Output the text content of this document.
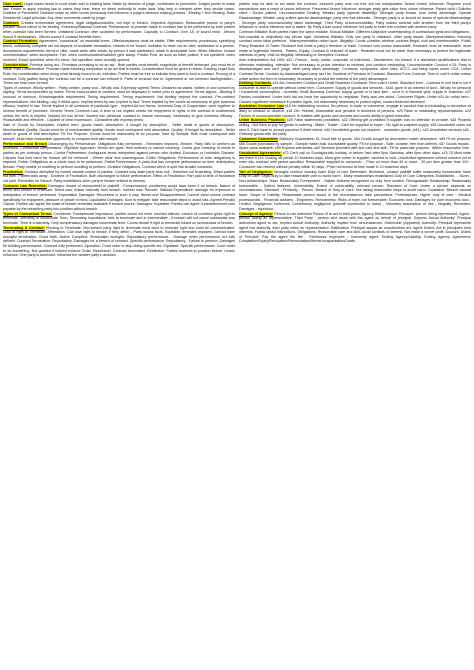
Case Law1: Legal cases heard in court which add to existing laws. Made by decision of judge, contributes to precedent. Judges power to make law: Power to apply existing law to cases they hear. Have no direct authority to make laws. May help in interpret when they decide cases. Doctrine of Precedent: Decision made by other courts previously that influence a judge's decision making process - Binding + Non Binding. Ratio Decedendi: Legal principle: Any other comments made by judge.

Contract: Creates enforceable agreement, legal obligations/duties, not kept in breach. Objective Approach: Reasonable person in party's position would intend to be binding. Executory/Bilateral Contract: Performance of promise made in contract has to be performed by both parties when contract has been formed. Unilateral Contract: offer accepted by performance. Capacity to Contract: Over 18, of sound mind - Minors bound if necessaries - Minors bound if contract benefits them.

Contract Formation: Agreement: "consensus" on essential terms. Offer/acceptance must be stable. Offer requirements: promissory, specifying terms, sufficiently complete set out aspects of workable transaction, intends to be bound. Invitation to treat: not an offer, addressed to a person. Acceptance requirements: terms in offer, made while offer exists, by person it was addressed, made in acceptable form. When effective: Instant communication: when acceptance. Fax: when communicated/machine gets stamp. Postal: Post, as soon as letter posted, if not specified: when received. Email: specified: when it's inbox. Not specified: when actually opened.

Consideration: Promise doing act - Promisee promising to do an act - Both parties must benefit, magnitude of benefit irrelevant, just must be of value. Past Consideration: Promise made following completion of an act that is invalid. Consideration must be given in return. Existing Legal Duty Rule: No consideration when doing what already bound to do. Intention: Parties must be free to indicate they want to form a contract. Proving of a contract: Only parties doing the contract can be a contract can enforce it. Parts of contract due to: Agreement or via common law/legislation - Terms are final once formed.

Types of contract: Wholly written - Partly written, partly oral - Wholly oral. Expressly agreed Terms: Declared as stated, written or oral consent by signing. Terms incorporated by notice: Terms incorporated to contract, must be displayed in notice prior to agreement. Terms signed - Binding if unusual or onerous. Knowledgeable requirement Timing requirement. Timing requirement: Not binding beyond the contract. Pre-contract representations: Not binding, only if relied upon. Implied terms by law. Implied in fact: Terms implied by the courts as necessary to give business efficacy. Implied in law: Terms implied in all contracts of particular type - Implied Ad hoc terms. Universal Duty of Cooperation: work together to receive benefit of promises. Generic Terms Common Law: A term is not implied unless the enjoyment of rights in the contract is undermined unless the term is implied. Implied Ad hoc terms: Implied into particular contract to ensure necessary. Necessary to give business efficacy - Reasonable and effective - Capable of clear expression - Consistent with express terms.

Sale of Goods by Description: Implied term, goods match description. If bought by description - Seller deals in goods of description. Merchantable Quality: Goods must be of merchantable quality. Goods must correspond with description. Quality: If bought by description - Seller deals in goods of that description. Fit For Purpose: Goods must be reasonably fit for purpose. Sale by Sample: Bulk must correspond with sample. Must have reasonable opportunity to compare bulk with sample.

Performance and Breach Discharging by Performance: Obligations fully performed - Remedies imposed. Breach: Party fails to perform as promised. Contractual Interpretation: Objective Approach: Words are given their ordinary or natural meaning. Courts give meaning of words to parties as per ordinary person. Contra Proferentem: Ambiguous terms interpreted against person who drafted. Exclusion or Limitation Clauses: Clauses that limit harm for breach will be enforced - Where clear and unambiguous. Entire Obligations: Performance of total obligations is required. Entire: Obligations as a whole have to be performed. Partial Performance: A party that has complete performance on time. Anticipatory Breach: Party unable or unwilling to perform unwilling to perform. Divisible Obligations: Contract which is split into smaller contracts.

Frustration: Contract disrupted by events outside control of parties: Contract may state party bear risk - therefore not frustrating. When parties not both. Parties walk away - Doctrine of Frustration. Both discharged to future performance. Effect of Frustration: Part paid at time of frustration not paid. Remedies for Breach: Party establishes other party in breach entitled to remedy.

Common Law Remedies: Damages: Award of money/relief to plaintiff - Compensatory: positioning would have been if no breach. Nature of terms and breach is irrelevant. Direct loss: Arises naturally from breach. Indirect loss: Remote. Wasted Expenditure: damage for expenses in anticipation of breach performed. Expectation Damages: Recovered in such a way. Stress and Disappointment: Cannot claim unless contract specifically for enjoyment, pleasure or peace of mind. Liquidated Damages: Sum to mitigate: take reasonable steps to avoid loss. Agreed Penalty Clause: Parties can agree the scale of breach remedies available if breach occurs. Damages: Equitable: Parties can agree a predetermined sum payable by the breaching party into position without breach.

Types of Contractual Terms: Conditions: Fundamental importance, parties would not enter contract without, breach of condition gives right to terminate. Warranty or innominate Term: Secondary importance, fails to terminate and in intermediate - If breach will not cause substantial loss terminate. Term is a warranty. Only compensatory damages innominate term: Courts decide if right to terminate based on seriousness of breach.

Terminating A Contract: Electing to Terminate: Non-breach party right to terminate must elect to exercise right and must be communicated. Loss of right to Terminate: Affirmation. Can lose right to breach if they affirm - Party knows facts. Equitable remedies imposed: Cannot have wrongful termination. Good faith. Notice Complied: Termination wrongful: Repudiatory performance - Damage when performance not fully defined. Contract Termination: Repudiatory: Damages for a breach of contract. Specific performance. Repudiatory - Failure to perform. Damages for fulfilling performance. Contract fully performed. Injunction: Court order to stop doing specific act. Equitable. Specific performance: Court order to do something. Not granted if indirect enforce Order. Rescission: Contract terminated. Restitution: Parties restored to position before. Undue Influence: One party is dominant, influence the weaker party's decision.

parties may be able to set aside the contract. Innocent party acts not free will but manipulated. Actual Undue Influence: Requires proof transactions was a result of undue influence. Presumed Undue Influence: stronger party gets value from undue influence. Parent child / Solicitor client / Doctor patient. Unconscionable Dealing: Weaker party (special disability): Stronger party knows, took unfair advantage. Special Disadvantage: Weaker party suffers special disadvantage, party one that interests - Stronger party is or should be aware of special disadvantage - Stronger party unconscionably takes advantage. Third Party Unconscionability: Party makes contract with another from the third party's influence or undue influence and is aware. By Party A has undue influence 3rd party to enter into contract with another party.

Common Mistake: Both parties make the same mistake. Mutual Mistake: Different subjective understanding of contractual rights and obligations - Not possible to objectively say whose right. Unilateral Mistake: Only one party is mistaken, other party aware. Misrepresentation: Inducing contract under false pretence - Misrepresentation relied upon. Illegality: Courts consider whether contract illegal, void and unenforceable. Public Policy Restraint of Trade: Restraint that limits a party's freedom of trade. Contract void unless reasonable. Restraint must be reasonable, must relate to legitimate interest - Parties. Equity: Contract in restraint of trade - Restraint must not be wider than necessary to protect the legitimate interests of party. Void for illegality. Misleading or Deceptive Conduct.

Acts Interpretation Act 1901 s2C: Person - body, politic, corporate or individual - Disclaimers: No breach if a disclaimer qualifications that is otherwise misleading. Intention: Not necessary to prove intention to mislead, just conduct misleading. Unconscionable Conduct s.20: Party is disadvantaged and can't judge, other party takes advantage, Contracts, companies, other sites. ACCC can bring cases under CCA. Unfair Contract Terms: Contract by disadvantaged party can't be. Doctrine of Freedom of Contract. Standard Form Contract: Term is void if unfair unless unfair and/or the term is reasonably necessary to protect the interest of the party advantaged.

Defining Contracts s23 Act Consumer Contract and Small Business Contracts: Term void if Unfair, Standard form - Contract in one that is not if consumer is able to operate without unfair term. Consumer: Supply of goods and services - Sold, gave of an interest of land - Wholly for personal / household consumption - domestic Small Business Contract: supply goods or in land item - once in a financial year, supply in business. s27 Factors considered: Under both did not have the opportunity to negotiate. Party was one-sided. Consumer Rights: Under s24 An unfair term - Causes significant imbalance in parties' rights, not reasonably necessary to protect rights, causes financial detriment.

Australian Consumer Law s18 No misleading conduct: No person, in trade or commerce, engage in conduct that is misleading or deceptive or likely to mislead or deceive. s18 Cth: Honest, reasonable and genuine in business of persons. s29 False or misleading representations. s22 Factors of unconscionable conduct: In matters with goods and services and courts ability to grant remedies.

Unfair Business Practices: s29 False statements prohibited. s32 Offering gift prohibited if supplier has no intention to provide. s33 Pyramid selling - Not have to pay for goods in ordering - Make - Trader - Can't be supplied to buyer - No right to suspend supply. s35 Unsolicited cards not sent if. Can't have to accept payment if didn't intend. s40 Unsolicited goods not required - unwanted goods: (s41). s43 Unsolicited services s43 - Ordinary goods with 3rd party.

Consumer Guarantees Statutory Guarantees: 51 Good title to goods. s54 Goods bought by description match description. s55 Fit for purpose. s56 Goods purchased by sample - Sample match bulk. Acceptable quality: Fit for purpose - Safe, durable, free from defects. s57 Goods repairs - Spare parts available. s59 Express warranties. s60 Services provided with due care and skill - Fit for particular purpose - Within reasonable time.

Unsolicited Agreements: s73 Can't call on Sunday/public holiday, or before 9am after 5pm Saturday, after 6pm other days. s74-75 Must state are there if s10 Cooling off period 10 business days. Must give notice to supplier, contract is void. Unsolicited agreement without consent not to enter into contract until period specified. Reasonable supplied to consumer: - Price no more than 40 or more - 30 per item greater than 100 - Consumer can rescind without penalty within 10 days - Price not known at time made in 10 business days.

Tort of Negligence: Wrongful conduct causing harm Duty of care Defendant, Breached, caused plaintiff suffer reasonably foreseeable harm Duty of Care: Legal duty to take reasonable care to avoid harm - Many relationships established Duty of Care Categories: Established ... Novel - Non-relationships. Harm Reasonably Foreseeable - Salient features recognised no duty from scratch. Recognisable Relationship: Reasonably foreseeable - Salient features. Vulnerability: Extent of vulnerability, relevant person. Standard of Care: Under a person depends on circumstances, Standard - Proximity - Person. Breach of Duty of Care: Not taking reasonable steps to avoid harm. Causation: Breach caused harm. Scope of Liability: Reasonable person would in the circumstances take precautions. Professionals: Higher duty of care - Medical professionals - Financial advisers - Engineers. Remoteness: Risks of harm not foreseeable. Economic loss: Damages for pure economic loss - Limited. Negligence: Defences: Contributory negligence (plaintiff contributed to harm) - Voluntary assumption of risk - Illegality. Remedies: Damages - Injunction.

Concept of Agency: Person A can authorise Person B to act in their place. Agency Relationships: Principal - person being represented, Agent - person acting as representative, Third Party - person who deals with the agent on behalf of principal. Express Actual Authority: Principal authorises agent to act. Implied Actual Authority: Authority implied from circumstances. Ostensible (Apparent) Authority: Principal represents agent has authority, third party relies on representation. Ratification: Principal adopts an unauthorised act. Agent Duties: Act in principal's best interests. Follow lawful instructions. Obligations, Reasonable care and skill. Avoid conflicts of interest. Not make a secret profit. Account. Duties of Principle: Pay the agent the fee - Reimburse expenses - Indemnify agent. Ending Agency/Liability: Ending Agency Agreement: Completion/Expiry/Revocation/Renunciation/Mental incapacitation/Death.
